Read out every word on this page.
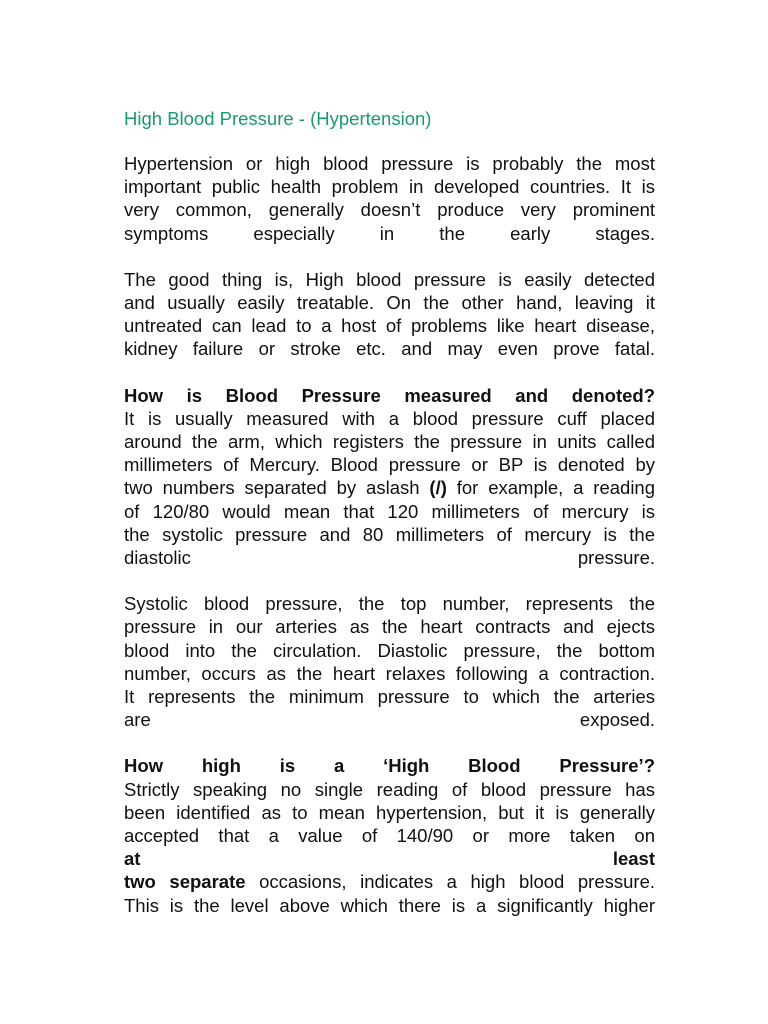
High Blood Pressure - (Hypertension)
Hypertension or high blood pressure is probably the most
important public health problem in developed countries. It is
very common, generally doesn’t produce very prominent
symptoms especially in the early stages.
The good thing is, High blood pressure is easily detected
and usually easily treatable. On the other hand, leaving it
untreated can lead to a host of problems like heart disease,
kidney failure or stroke etc. and may even prove fatal.
How is Blood Pressure measured and denoted?
It is usually measured with a blood pressure cuff placed
around the arm, which registers the pressure in units called
millimeters of Mercury. Blood pressure or BP is denoted by
two numbers separated by aslash (/) for example, a reading
of 120/80 would mean that 120 millimeters of mercury is
the systolic pressure and 80 millimeters of mercury is the
diastolic pressure.
Systolic blood pressure, the top number, represents the
pressure in our arteries as the heart contracts and ejects
blood into the circulation. Diastolic pressure, the bottom
number, occurs as the heart relaxes following a contraction.
It represents the minimum pressure to which the arteries
are exposed.
How high is a ‘High Blood Pressure’?
Strictly speaking no single reading of blood pressure has
been identified as to mean hypertension, but it is generally
accepted that a value of 140/90 or more taken on
at least
two separate occasions, indicates a high blood pressure.
This is the level above which there is a significantly higher
